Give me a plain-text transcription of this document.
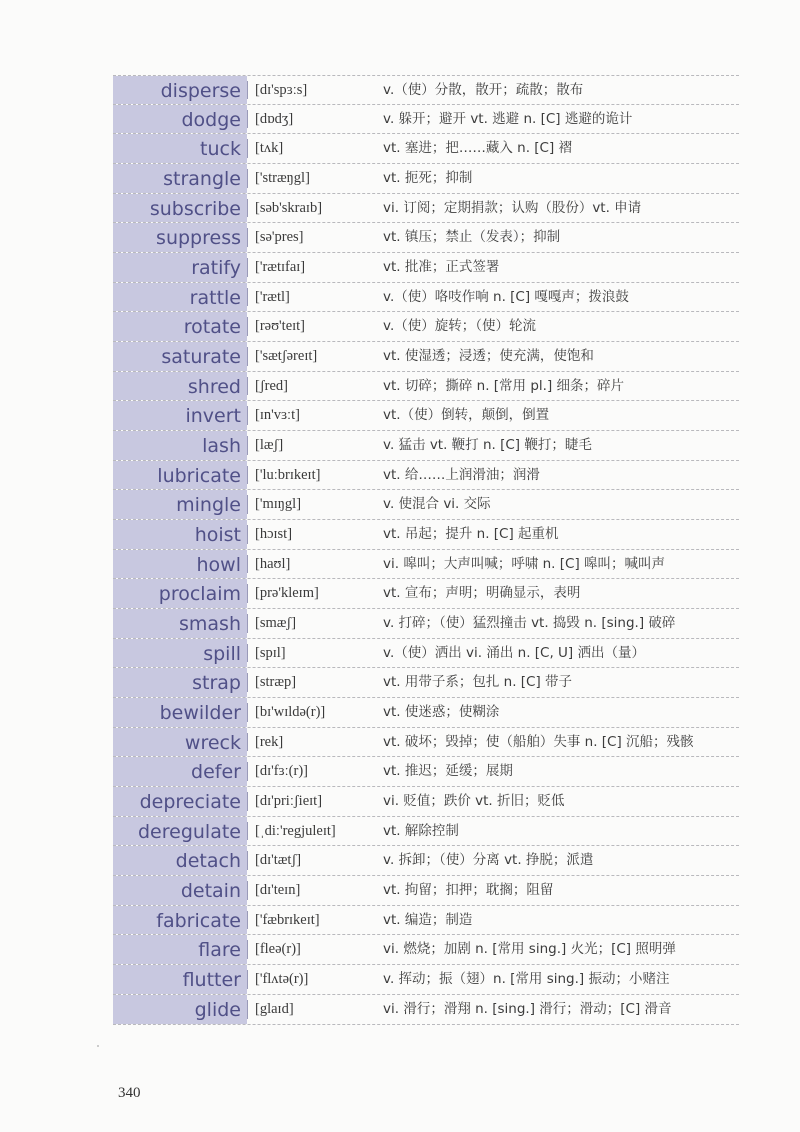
disperse [dɪ'spɜːs]	v.（使）分散，散开；疏散；散布
dodge [dɒdʒ]	v. 躲开；避开 vt. 逃避 n. [C] 逃避的诡计
tuck [tʌk]	vt. 塞进；把……藏入 n. [C] 褶
strangle ['stræŋgl]	vt. 扼死；抑制
subscribe [səb'skraɪb]	vi. 订阅；定期捐款；认购（股份）vt. 申请
suppress [sə'pres]	vt. 镇压；禁止（发表）；抑制
ratify ['rætɪfaɪ]	vt. 批准；正式签署
rattle ['rætl]	v.（使）咯吱作响 n. [C] 嘎嘎声；拨浪鼓
rotate [rəʊ'teɪt]	v.（使）旋转；（使）轮流
saturate ['sætʃəreɪt]	vt. 使湿透；浸透；使充满，使饱和
shred [ʃred]	vt. 切碎；撕碎 n. [常用 pl.] 细条；碎片
invert [ɪn'vɜːt]	vt.（使）倒转，颠倒，倒置
lash [læʃ]	v. 猛击 vt. 鞭打 n. [C] 鞭打；睫毛
lubricate ['luːbrɪkeɪt]	vt. 给……上润滑油；润滑
mingle ['mɪŋgl]	v. 使混合 vi. 交际
hoist [hɔɪst]	vt. 吊起；提升 n. [C] 起重机
howl [haʊl]	vi. 嗥叫；大声叫喊；呼啸 n. [C] 嗥叫；喊叫声
proclaim [prə'kleɪm]	vt. 宣布；声明；明确显示，表明
smash [smæʃ]	v. 打碎；（使）猛烈撞击 vt. 捣毁 n. [sing.] 破碎
spill [spɪl]	v.（使）洒出 vi. 涌出 n. [C, U] 洒出（量）
strap [stræp]	vt. 用带子系；包扎 n. [C] 带子
bewilder [bɪ'wɪldə(r)]	vt. 使迷惑；使糊涂
wreck [rek]	vt. 破坏；毁掉；使（船舶）失事 n. [C] 沉船；残骸
defer [dɪ'fɜː(r)]	vt. 推迟；延缓；展期
depreciate [dɪ'priːʃieɪt]	vi. 贬值；跌价 vt. 折旧；贬低
deregulate [ˌdiː'regjuleɪt]	vt. 解除控制
detach [dɪ'tætʃ]	v. 拆卸；（使）分离 vt. 挣脱；派遣
detain [dɪ'teɪn]	vt. 拘留；扣押；耽搁；阻留
fabricate ['fæbrɪkeɪt]	vt. 编造；制造
flare [fleə(r)]	vi. 燃烧；加剧 n. [常用 sing.] 火光；[C] 照明弹
flutter ['flʌtə(r)]	v. 挥动；振（翅）n. [常用 sing.] 振动；小赌注
glide [glaɪd]	vi. 滑行；滑翔 n. [sing.] 滑行；滑动；[C] 滑音
340
